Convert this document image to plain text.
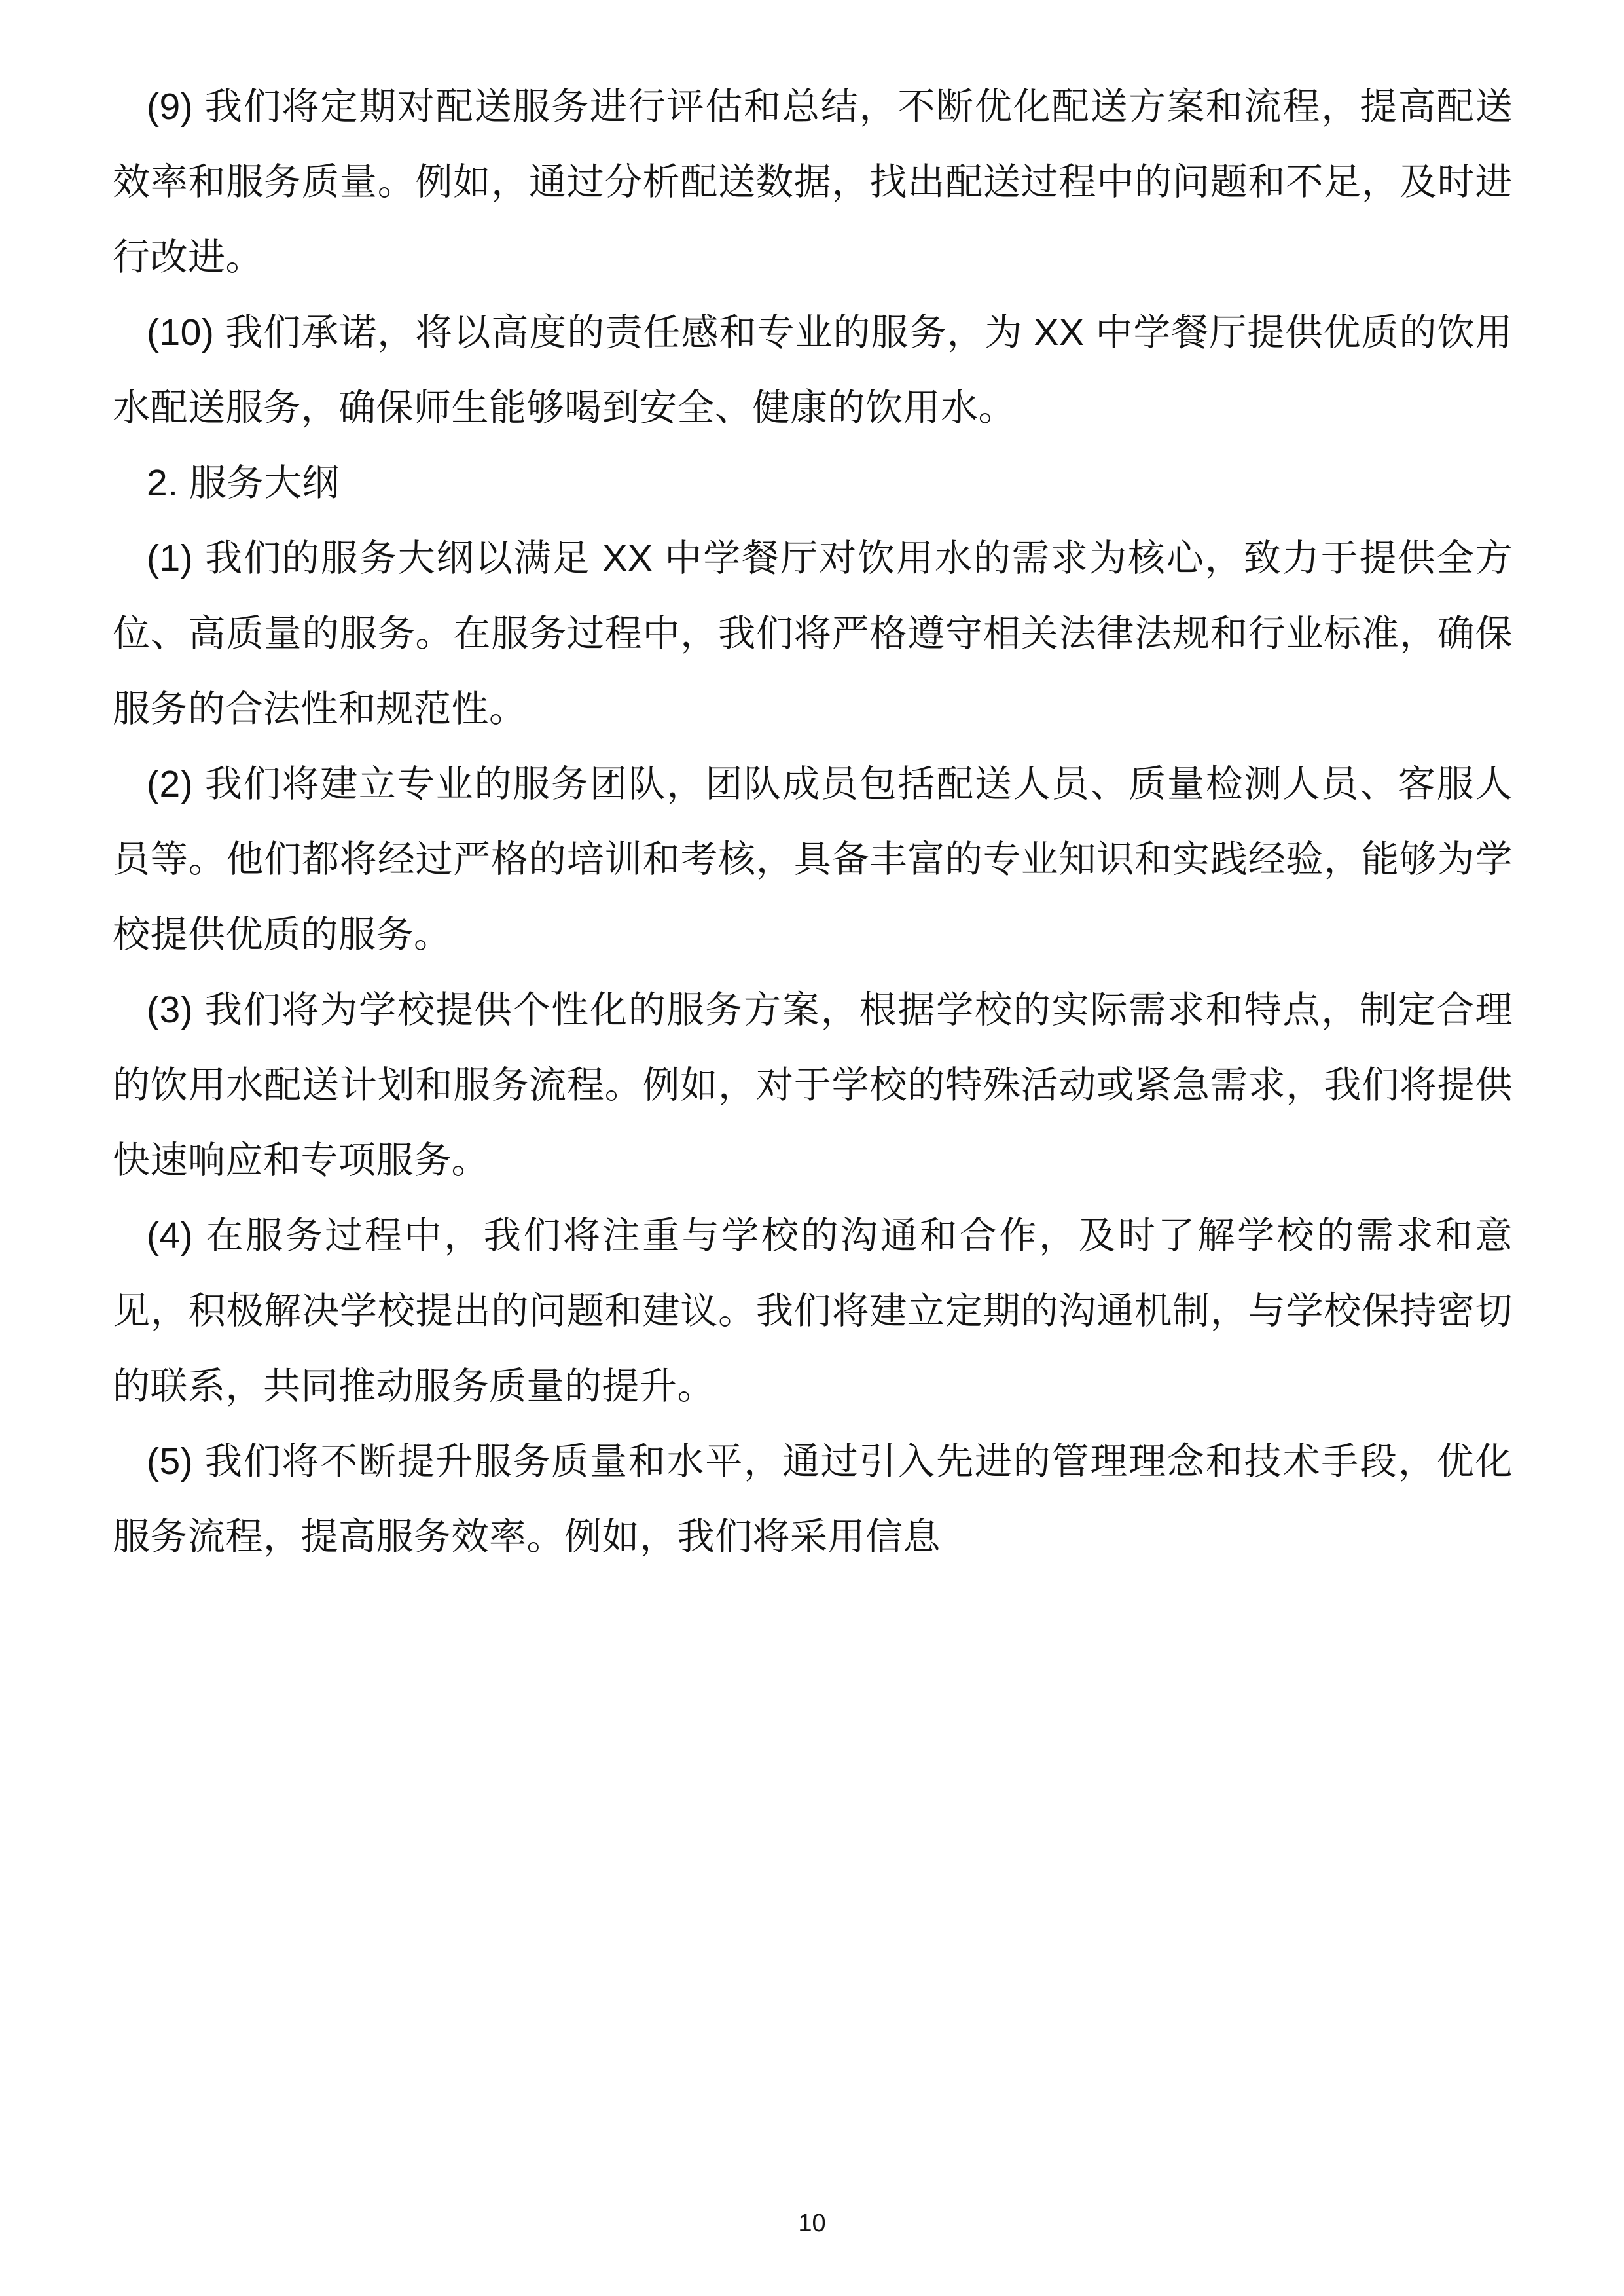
(9) 我们将定期对配送服务进行评估和总结，不断优化配送方案和流程，提高配送效率和服务质量。例如，通过分析配送数据，找出配送过程中的问题和不足，及时进行改进。

(10) 我们承诺，将以高度的责任感和专业的服务，为 XX 中学餐厅提供优质的饮用水配送服务，确保师生能够喝到安全、健康的饮用水。

2. 服务大纲

(1) 我们的服务大纲以满足 XX 中学餐厅对饮用水的需求为核心，致力于提供全方位、高质量的服务。在服务过程中，我们将严格遵守相关法律法规和行业标准，确保服务的合法性和规范性。

(2) 我们将建立专业的服务团队，团队成员包括配送人员、质量检测人员、客服人员等。他们都将经过严格的培训和考核，具备丰富的专业知识和实践经验，能够为学校提供优质的服务。

(3) 我们将为学校提供个性化的服务方案，根据学校的实际需求和特点，制定合理的饮用水配送计划和服务流程。例如，对于学校的特殊活动或紧急需求，我们将提供快速响应和专项服务。

(4) 在服务过程中，我们将注重与学校的沟通和合作，及时了解学校的需求和意见，积极解决学校提出的问题和建议。我们将建立定期的沟通机制，与学校保持密切的联系，共同推动服务质量的提升。

(5) 我们将不断提升服务质量和水平，通过引入先进的管理理念和技术手段，优化服务流程，提高服务效率。例如，我们将采用信息

10
